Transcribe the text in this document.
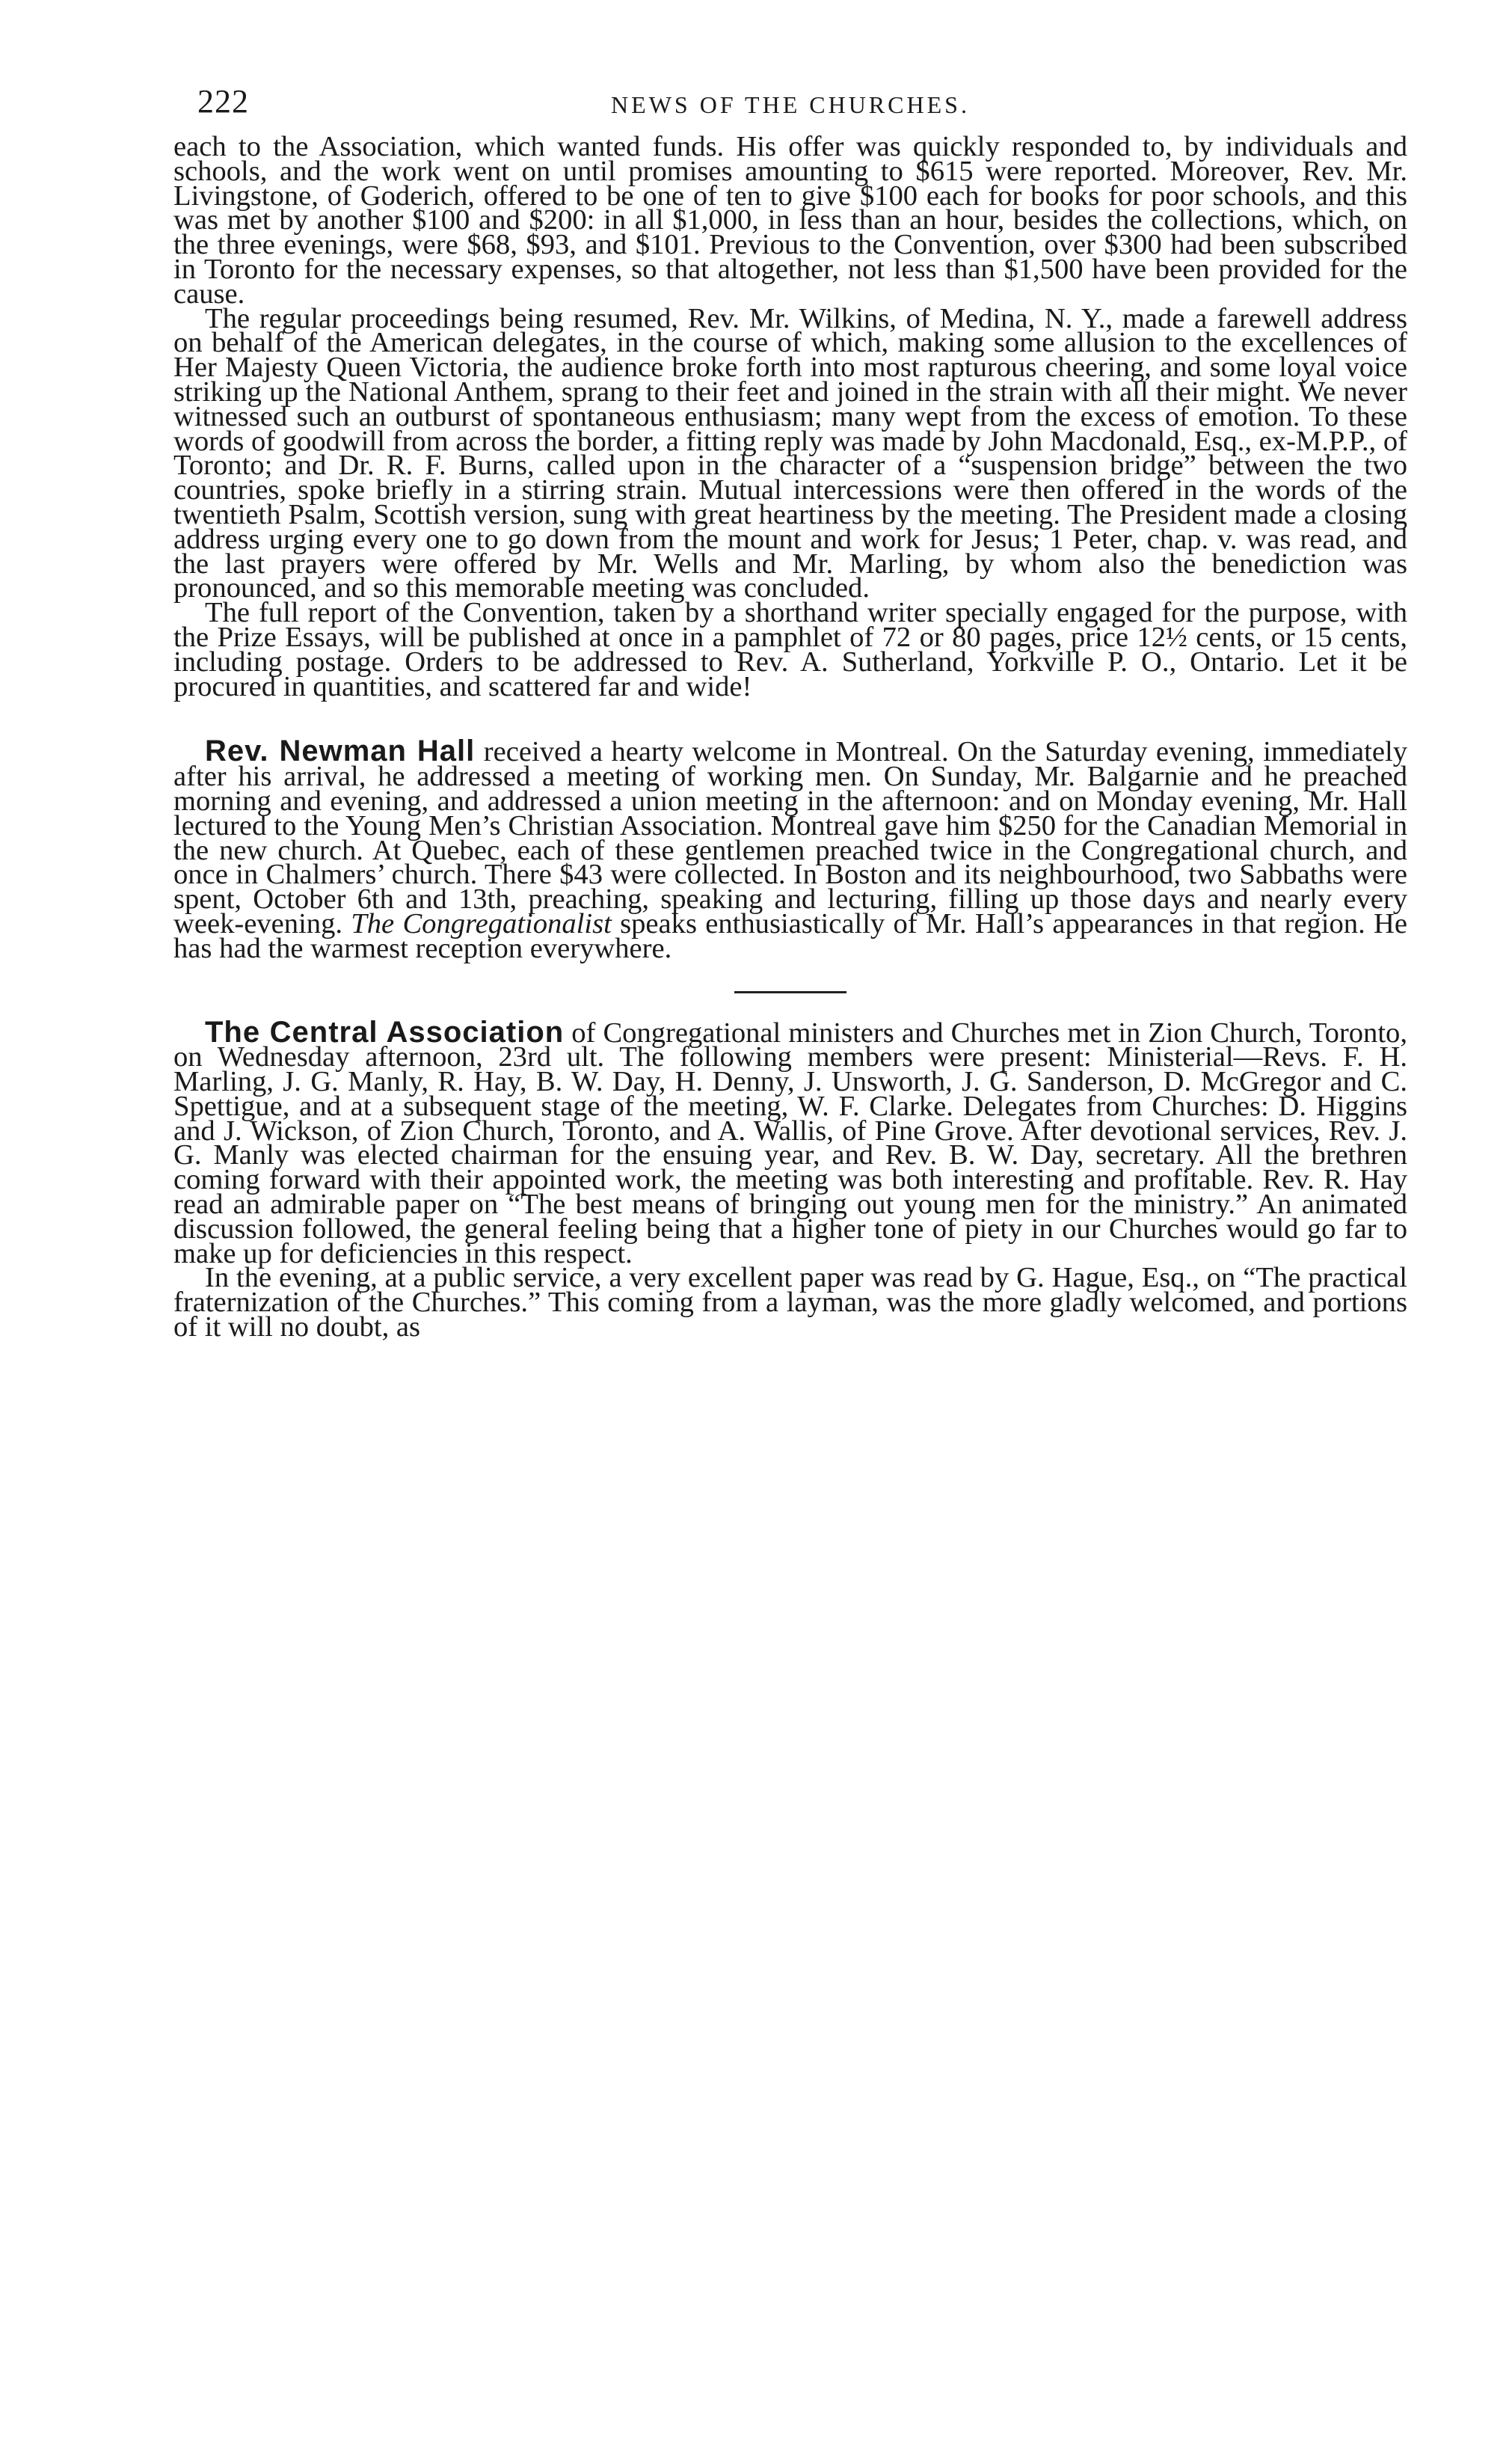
222	NEWS OF THE CHURCHES.

each to the Association, which wanted funds. His offer was quickly responded to, by individuals and schools, and the work went on until promises amounting to $615 were reported. Moreover, Rev. Mr. Livingstone, of Goderich, offered to be one of ten to give $100 each for books for poor schools, and this was met by another $100 and $200: in all $1,000, in less than an hour, besides the collections, which, on the three evenings, were $68, $93, and $101. Previous to the Convention, over $300 had been subscribed in Toronto for the necessary expenses, so that altogether, not less than $1,500 have been provided for the cause.

The regular proceedings being resumed, Rev. Mr. Wilkins, of Medina, N. Y., made a farewell address on behalf of the American delegates, in the course of which, making some allusion to the excellences of Her Majesty Queen Victoria, the audience broke forth into most rapturous cheering, and some loyal voice striking up the National Anthem, sprang to their feet and joined in the strain with all their might. We never witnessed such an outburst of spontaneous enthusiasm; many wept from the excess of emotion. To these words of goodwill from across the border, a fitting reply was made by John Macdonald, Esq., ex-M.P.P., of Toronto; and Dr. R. F. Burns, called upon in the character of a “suspension bridge” between the two countries, spoke briefly in a stirring strain. Mutual intercessions were then offered in the words of the twentieth Psalm, Scottish version, sung with great heartiness by the meeting. The President made a closing address urging every one to go down from the mount and work for Jesus; 1 Peter, chap. v. was read, and the last prayers were offered by Mr. Wells and Mr. Marling, by whom also the benediction was pronounced, and so this memorable meeting was concluded.

The full report of the Convention, taken by a shorthand writer specially engaged for the purpose, with the Prize Essays, will be published at once in a pamphlet of 72 or 80 pages, price 12½ cents, or 15 cents, including postage. Orders to be addressed to Rev. A. Sutherland, Yorkville P. O., Ontario. Let it be procured in quantities, and scattered far and wide!

Rev. Newman Hall received a hearty welcome in Montreal. On the Saturday evening, immediately after his arrival, he addressed a meeting of working men. On Sunday, Mr. Balgarnie and he preached morning and evening, and addressed a union meeting in the afternoon: and on Monday evening, Mr. Hall lectured to the Young Men’s Christian Association. Montreal gave him $250 for the Canadian Memorial in the new church. At Quebec, each of these gentlemen preached twice in the Congregational church, and once in Chalmers’ church. There $43 were collected. In Boston and its neighbourhood, two Sabbaths were spent, October 6th and 13th, preaching, speaking and lecturing, filling up those days and nearly every week-evening. The Congregationalist speaks enthusiastically of Mr. Hall’s appearances in that region. He has had the warmest reception everywhere.

The Central Association of Congregational ministers and Churches met in Zion Church, Toronto, on Wednesday afternoon, 23rd ult. The following members were present: Ministerial—Revs. F. H. Marling, J. G. Manly, R. Hay, B. W. Day, H. Denny, J. Unsworth, J. G. Sanderson, D. McGregor and C. Spettigue, and at a subsequent stage of the meeting, W. F. Clarke. Delegates from Churches: D. Higgins and J. Wickson, of Zion Church, Toronto, and A. Wallis, of Pine Grove. After devotional services, Rev. J. G. Manly was elected chairman for the ensuing year, and Rev. B. W. Day, secretary. All the brethren coming forward with their appointed work, the meeting was both interesting and profitable. Rev. R. Hay read an admirable paper on “The best means of bringing out young men for the ministry.” An animated discussion followed, the general feeling being that a higher tone of piety in our Churches would go far to make up for deficiencies in this respect.

In the evening, at a public service, a very excellent paper was read by G. Hague, Esq., on “The practical fraternization of the Churches.” This coming from a layman, was the more gladly welcomed, and portions of it will no doubt, as
